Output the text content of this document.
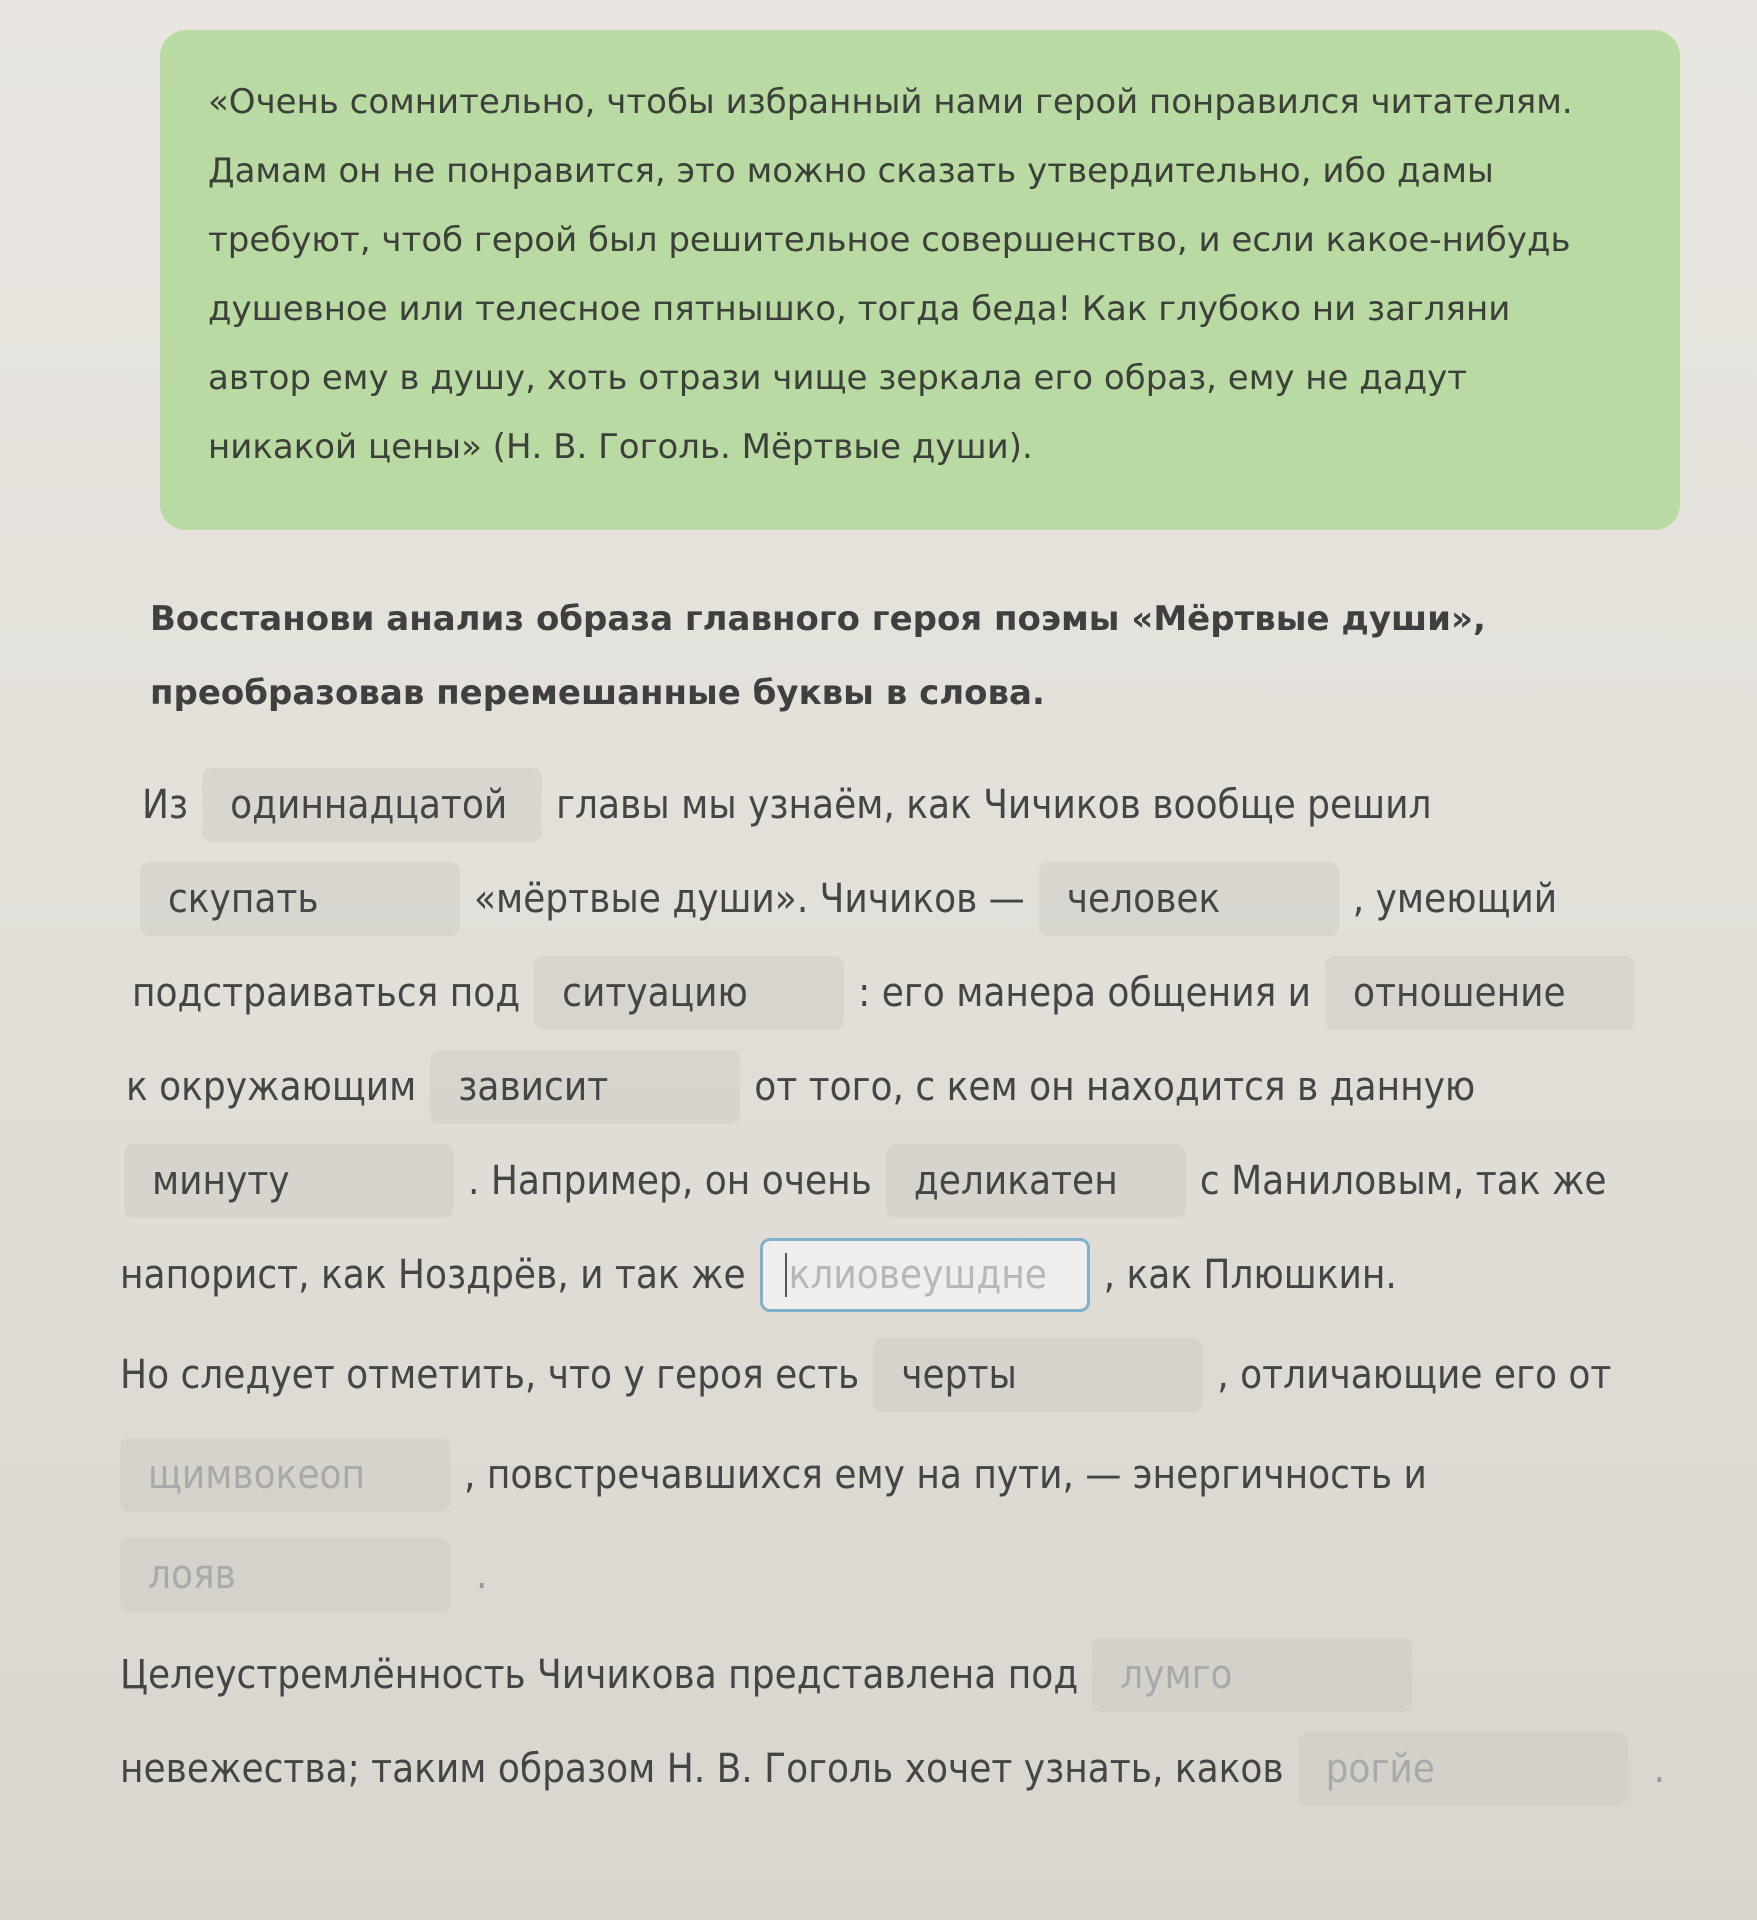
«Очень сомнительно, чтобы избранный нами герой понравился читателям.
Дамам он не понравится, это можно сказать утвердительно, ибо дамы
требуют, чтоб герой был решительное совершенство, и если какое-нибудь
душевное или телесное пятнышко, тогда беда! Как глубоко ни загляни
автор ему в душу, хоть отрази чище зеркала его образ, ему не дадут
никакой цены» (Н. В. Гоголь. Мёртвые души).

Восстанови анализ образа главного героя поэмы «Мёртвые души»,
преобразовав перемешанные буквы в слова.
Из	одиннадцатой	главы мы узнаём, как Чичиков вообще решил
скупать	«мёртвые души». Чичиков —	человек	, умеющий
подстраиваться под	ситуацию	: его манера общения и	отношение
к окружающим	зависит	от того, с кем он находится в данную
минуту	. Например, он очень	деликатен	с Маниловым, так же
напорист, как Ноздрёв, и так же клиовеушдне , как Плюшкин.
Но следует отметить, что у героя есть	черты	, отличающие его от
щимвокеоп	, повстречавшихся ему на пути, — энергичность и
лояв	.
Целеустремлённость Чичикова представлена под	лумго
невежества; таким образом Н. В. Гоголь хочет узнать, каков	рогйе	.
